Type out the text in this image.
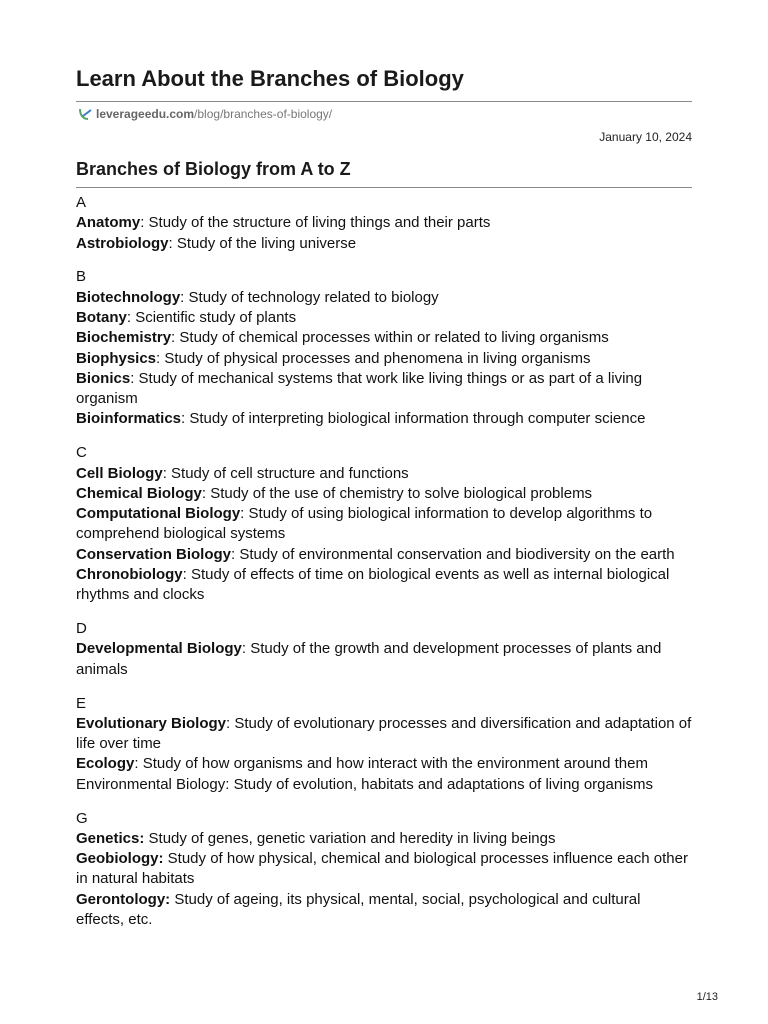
Learn About the Branches of Biology
leverageedu.com /blog/branches-of-biology/
January 10, 2024
Branches of Biology from A to Z
A
Anatomy: Study of the structure of living things and their parts
Astrobiology: Study of the living universe
B
Biotechnology: Study of technology related to biology
Botany: Scientific study of plants
Biochemistry: Study of chemical processes within or related to living organisms
Biophysics: Study of physical processes and phenomena in living organisms
Bionics: Study of mechanical systems that work like living things or as part of a living organism
Bioinformatics: Study of interpreting biological information through computer science
C
Cell Biology: Study of cell structure and functions
Chemical Biology: Study of the use of chemistry to solve biological problems
Computational Biology: Study of using biological information to develop algorithms to comprehend biological systems
Conservation Biology: Study of environmental conservation and biodiversity on the earth
Chronobiology: Study of effects of time on biological events as well as internal biological rhythms and clocks
D
Developmental Biology: Study of the growth and development processes of plants and animals
E
Evolutionary Biology: Study of evolutionary processes and diversification and adaptation of life over time
Ecology: Study of how organisms and how interact with the environment around them
Environmental Biology: Study of evolution, habitats and adaptations of living organisms
G
Genetics: Study of genes, genetic variation and heredity in living beings
Geobiology: Study of how physical, chemical and biological processes influence each other in natural habitats
Gerontology: Study of ageing, its physical, mental, social, psychological and cultural effects, etc.
1/13
